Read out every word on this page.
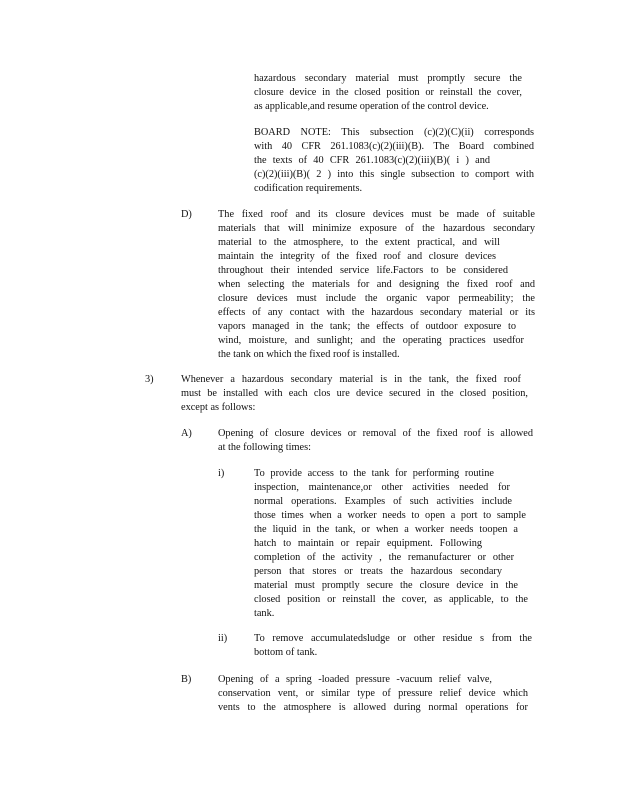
hazardous secondary material must promptly secure the
closure device in the closed position or reinstall the cover,
as applicable,and resume operation of the control device.
BOARD NOTE: This subsection (c)(2)(C)(ii) corresponds
with 40 CFR 261.1083(c)(2)(iii)(B). The Board combined
the texts of 40 CFR 261.1083(c)(2)(iii)(B)( i ) and
(c)(2)(iii)(B)( 2 ) into this single subsection to comport with
codification requirements.
D)	The fixed roof and its closure devices must be made of suitable
materials that will minimize exposure of the hazardous secondary
material to the atmosphere, to the extent practical, and will
maintain the integrity of the fixed roof and closure devices
throughout their intended service life.Factors to be considered
when selecting the materials for and designing the fixed roof and
closure devices must include the organic vapor permeability; the
effects of any contact with the hazardous secondary material or its
vapors managed in the tank; the effects of outdoor exposure to
wind, moisture, and sunlight; and the operating practices usedfor
the tank on which the fixed roof is installed.
3)	Whenever a hazardous secondary material is in the tank, the fixed roof
must be installed with each clos ure device secured in the closed position,
except as follows:
A)	Opening of closure devices or removal of the fixed roof is allowed
at the following times:
i)	To provide access to the tank for performing routine
inspection, maintenance,or other activities needed for
normal operations. Examples of such activities include
those times when a worker needs to open a port to sample
the liquid in the tank, or when a worker needs toopen a
hatch to maintain or repair equipment. Following
completion of the activity , the remanufacturer or other
person that stores or treats the hazardous secondary
material must promptly secure the closure device in the
closed position or reinstall the cover, as applicable, to the
tank.
ii)	To remove accumulatedsludge or other residue s from the
bottom of tank.
B)	Opening of a spring -loaded pressure -vacuum relief valve,
conservation vent, or similar type of pressure relief device which
vents to the atmosphere is allowed during normal operations for
